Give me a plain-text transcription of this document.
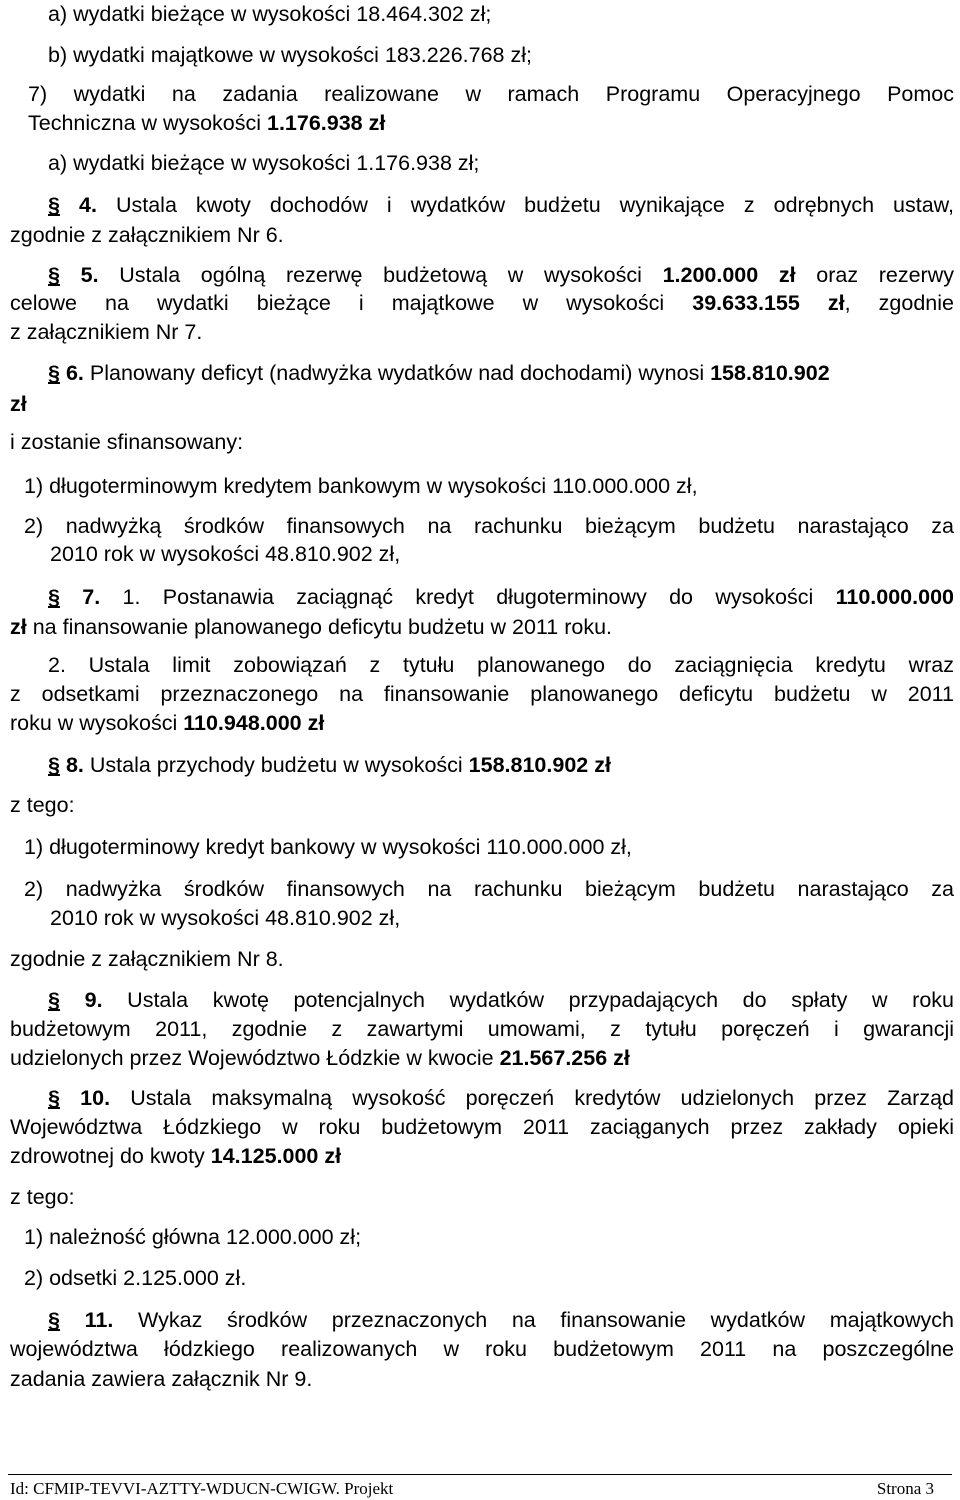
a) wydatki bieżące w wysokości 18.464.302 zł;
b) wydatki majątkowe w wysokości 183.226.768 zł;
7) wydatki na zadania realizowane w ramach Programu Operacyjnego Pomoc
Techniczna w wysokości 1.176.938 zł
a) wydatki bieżące w wysokości 1.176.938 zł;
§ 4. Ustala kwoty dochodów i wydatków budżetu wynikające z odrębnych ustaw,
zgodnie z załącznikiem Nr 6.
§ 5. Ustala ogólną rezerwę budżetową w wysokości 1.200.000 zł oraz rezerwy
celowe na wydatki bieżące i majątkowe w wysokości 39.633.155 zł, zgodnie
z załącznikiem Nr 7.
§ 6. Planowany deficyt (nadwyżka wydatków nad dochodami) wynosi 158.810.902
zł
i zostanie sfinansowany:
1) długoterminowym kredytem bankowym w wysokości 110.000.000 zł,
2) nadwyżką środków finansowych na rachunku bieżącym budżetu narastająco za
2010 rok w wysokości 48.810.902 zł,
§ 7. 1. Postanawia zaciągnąć kredyt długoterminowy do wysokości 110.000.000
zł na finansowanie planowanego deficytu budżetu w 2011 roku.
2. Ustala limit zobowiązań z tytułu planowanego do zaciągnięcia kredytu wraz
z odsetkami przeznaczonego na finansowanie planowanego deficytu budżetu w 2011
roku w wysokości 110.948.000 zł
§ 8. Ustala przychody budżetu w wysokości 158.810.902 zł
z tego:
1) długoterminowy kredyt bankowy w wysokości 110.000.000 zł,
2) nadwyżka środków finansowych na rachunku bieżącym budżetu narastająco za
2010 rok w wysokości 48.810.902 zł,
zgodnie z załącznikiem Nr 8.
§ 9. Ustala kwotę potencjalnych wydatków przypadających do spłaty w roku
budżetowym 2011, zgodnie z zawartymi umowami, z tytułu poręczeń i gwarancji
udzielonych przez Województwo Łódzkie w kwocie 21.567.256 zł
§ 10. Ustala maksymalną wysokość poręczeń kredytów udzielonych przez Zarząd
Województwa Łódzkiego w roku budżetowym 2011 zaciąganych przez zakłady opieki
zdrowotnej do kwoty 14.125.000 zł
z tego:
1) należność główna 12.000.000 zł;
2) odsetki 2.125.000 zł.
§ 11. Wykaz środków przeznaczonych na finansowanie wydatków majątkowych
województwa łódzkiego realizowanych w roku budżetowym 2011 na poszczególne
zadania zawiera załącznik Nr 9.
Id: CFMIP-TEVVI-AZTTY-WDUCN-CWIGW. Projekt	Strona 3
